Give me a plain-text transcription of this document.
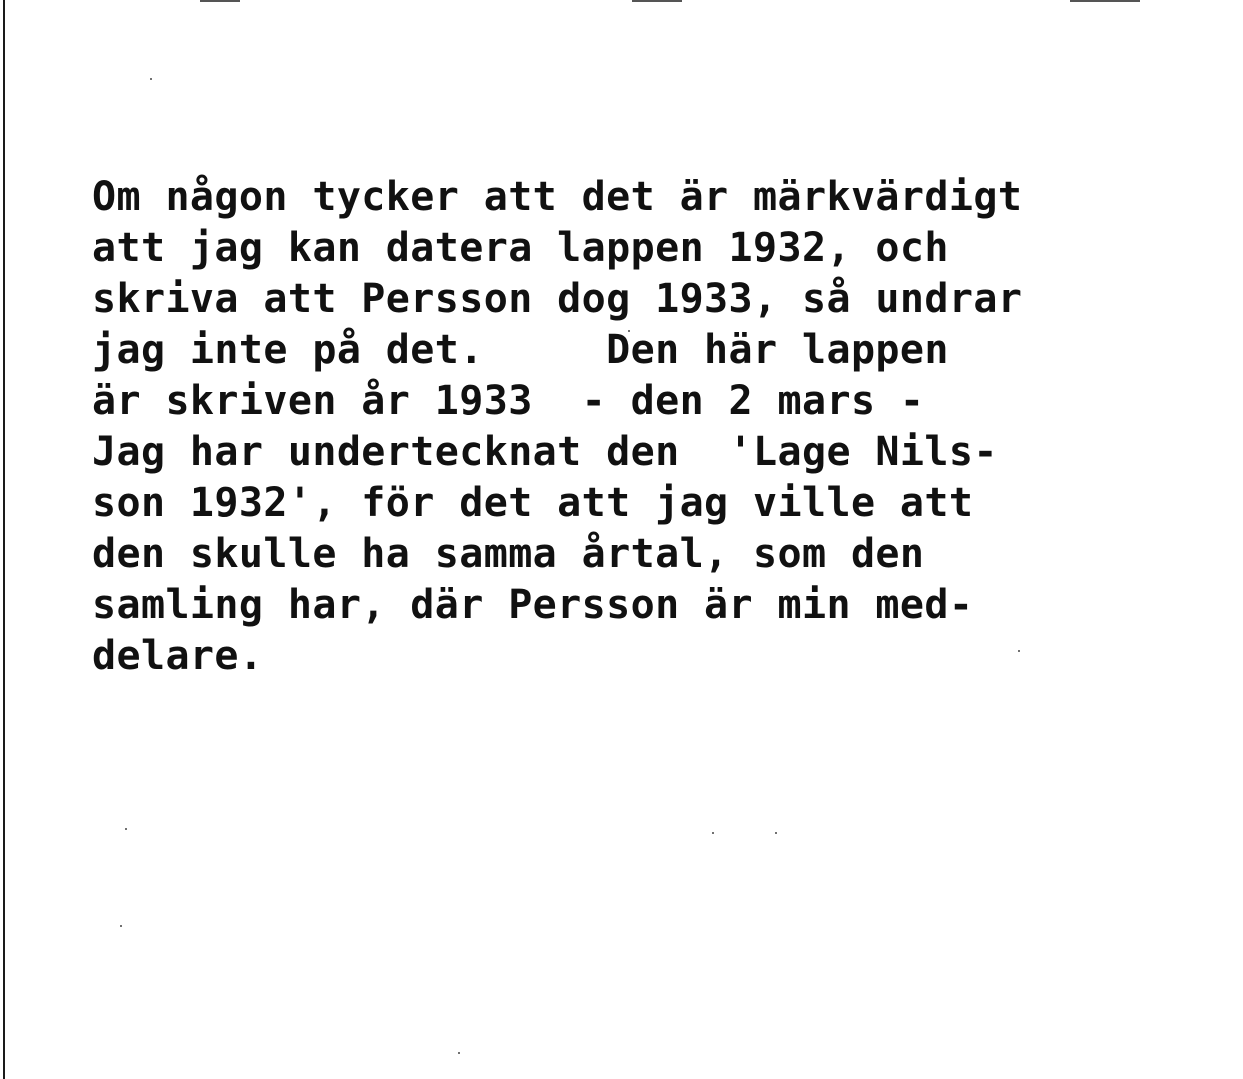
Om någon tycker att det är märkvärdigt
att jag kan datera lappen 1932, och
skriva att Persson dog 1933, så undrar
jag inte på det.     Den här lappen
är skriven år 1933  - den 2 mars -
Jag har undertecknat den  'Lage Nils-
son 1932', för det att jag ville att
den skulle ha samma årtal, som den
samling har, där Persson är min med-
delare.
